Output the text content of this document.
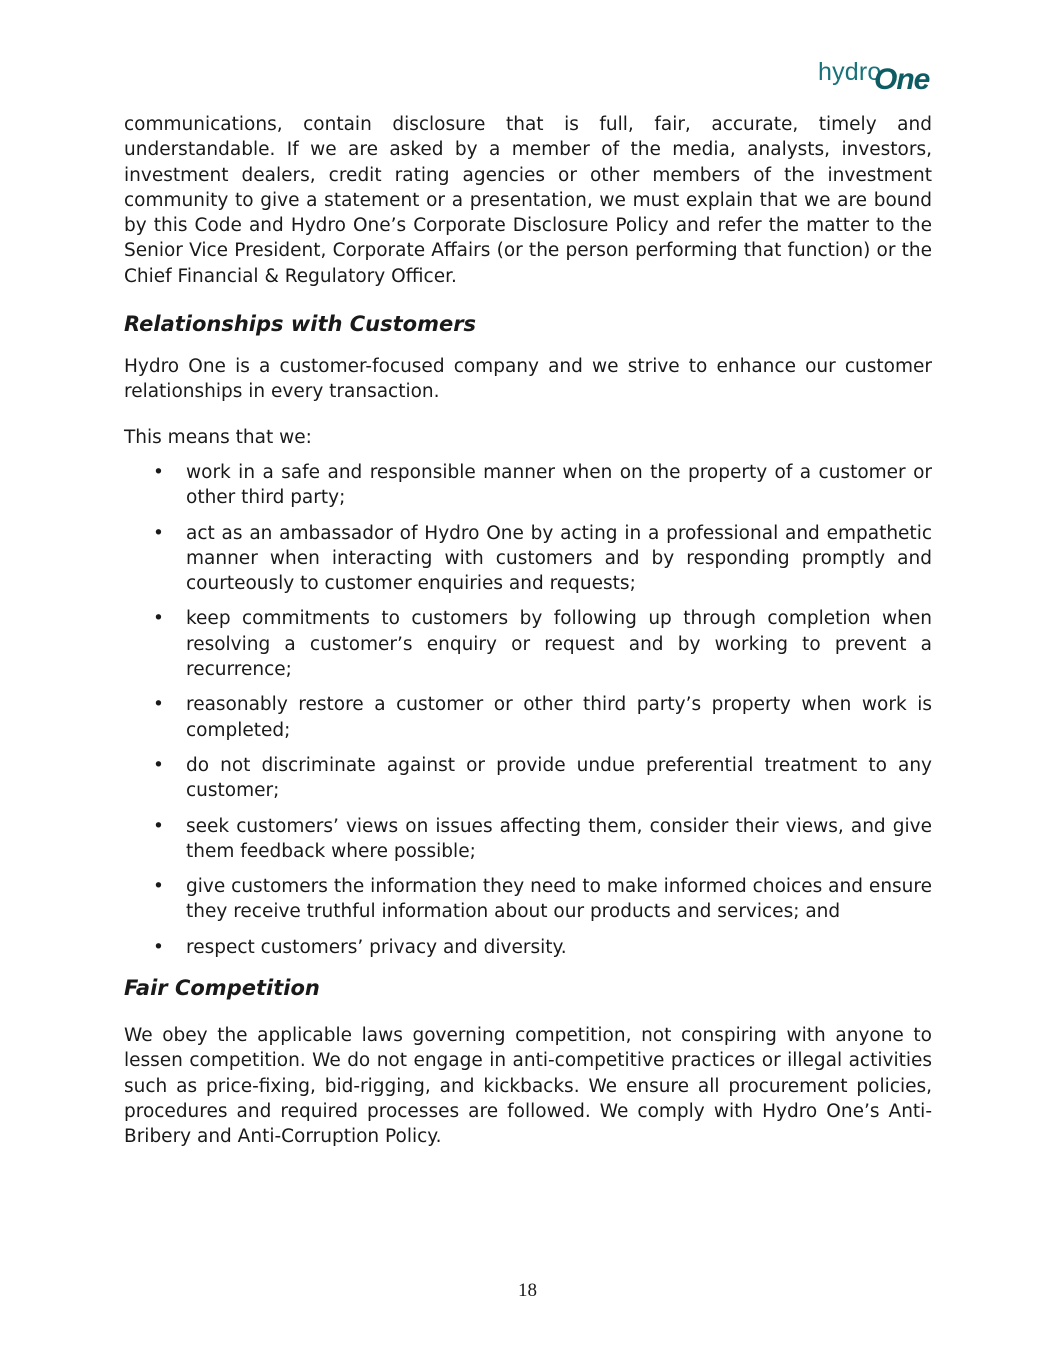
hydro
One

communications, contain disclosure that is full, fair, accurate, timely and understandable. If we are asked by a member of the media, analysts, investors, investment dealers, credit rating agencies or other members of the investment community to give a statement or a presentation, we must explain that we are bound by this Code and Hydro One’s Corporate Disclosure Policy and refer the matter to the Senior Vice President, Corporate Affairs (or the person performing that function) or the Chief Financial & Regulatory Officer.

Relationships with Customers

Hydro One is a customer-focused company and we strive to enhance our customer relationships in every transaction.

This means that we:

• work in a safe and responsible manner when on the property of a customer or other third party;
• act as an ambassador of Hydro One by acting in a professional and empathetic manner when interacting with customers and by responding promptly and courteously to customer enquiries and requests;
• keep commitments to customers by following up through completion when resolving a customer’s enquiry or request and by working to prevent a recurrence;
• reasonably restore a customer or other third party’s property when work is completed;
• do not discriminate against or provide undue preferential treatment to any customer;
• seek customers’ views on issues affecting them, consider their views, and give them feedback where possible;
• give customers the information they need to make informed choices and ensure they receive truthful information about our products and services; and
• respect customers’ privacy and diversity.
Fair Competition

We obey the applicable laws governing competition, not conspiring with anyone to lessen competition. We do not engage in anti-competitive practices or illegal activities such as price-fixing, bid-rigging, and kickbacks. We ensure all procurement policies, procedures and required processes are followed. We comply with Hydro One’s Anti-Bribery and Anti-Corruption Policy.

18
